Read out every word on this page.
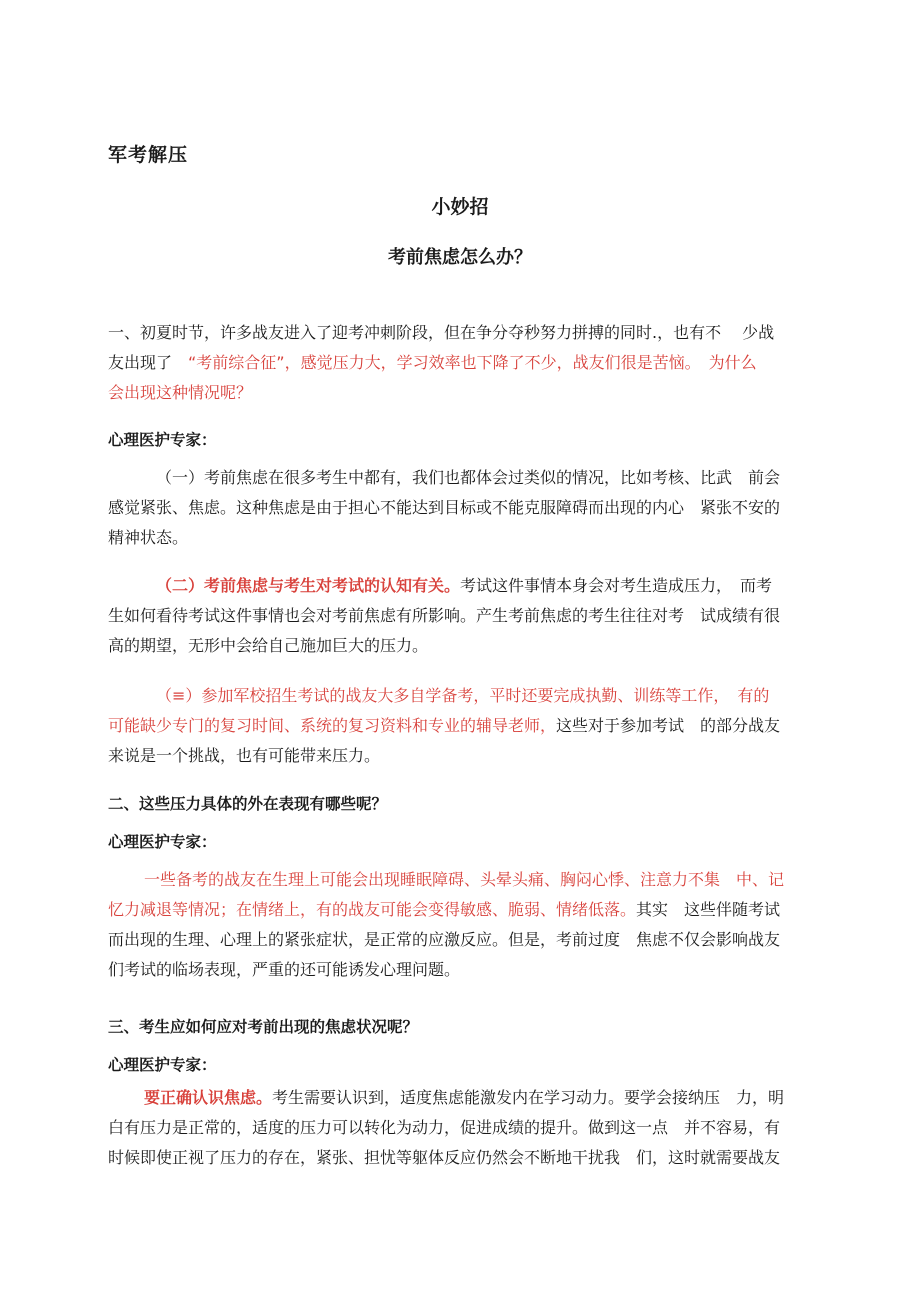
军考解压
小妙招
考前焦虑怎么办？
一、初夏时节，许多战友进入了迎考冲刺阶段，但在争分夺秒努力拼搏的同时.，也有不　 少战
友出现了　“考前综合征”，感觉压力大，学习效率也下降了不少，战友们很是苦恼。　为什么
会出现这种情况呢？
心理医护专家：
（一）考前焦虑在很多考生中都有，我们也都体会过类似的情况，比如考核、比武　前会
感觉紧张、焦虑。这种焦虑是由于担心不能达到目标或不能克服障碍而出现的内心　紧张不安的
精神状态。
（二）考前焦虑与考生对考试的认知有关。考试这件事情本身会对考生造成压力，　而考
生如何看待考试这件事情也会对考前焦虑有所影响。产生考前焦虑的考生往往对考　试成绩有很
高的期望，无形中会给自己施加巨大的压力。
（≡）参加军校招生考试的战友大多自学备考，平时还要完成执勤、训练等工作，　有的
可能缺少专门的复习时间、系统的复习资料和专业的辅导老师，这些对于参加考试　的部分战友
来说是一个挑战，也有可能带来压力。
二、这些压力具体的外在表现有哪些呢？
心理医护专家：
一些备考的战友在生理上可能会出现睡眠障碍、头晕头痛、胸闷心悸、注意力不集　中、记
忆力减退等情况；在情绪上，有的战友可能会变得敏感、脆弱、情绪低落。其实　这些伴随考试
而出现的生理、心理上的紧张症状，是正常的应激反应。但是，考前过度　焦虑不仅会影响战友
们考试的临场表现，严重的还可能诱发心理问题。
三、考生应如何应对考前出现的焦虑状况呢？
心理医护专家：
要正确认识焦虑。考生需要认识到，适度焦虑能激发内在学习动力。要学会接纳压　力，明
白有压力是正常的，适度的压力可以转化为动力，促进成绩的提升。做到这一点　并不容易，有
时候即使正视了压力的存在，紧张、担忧等躯体反应仍然会不断地干扰我　们，这时就需要战友
